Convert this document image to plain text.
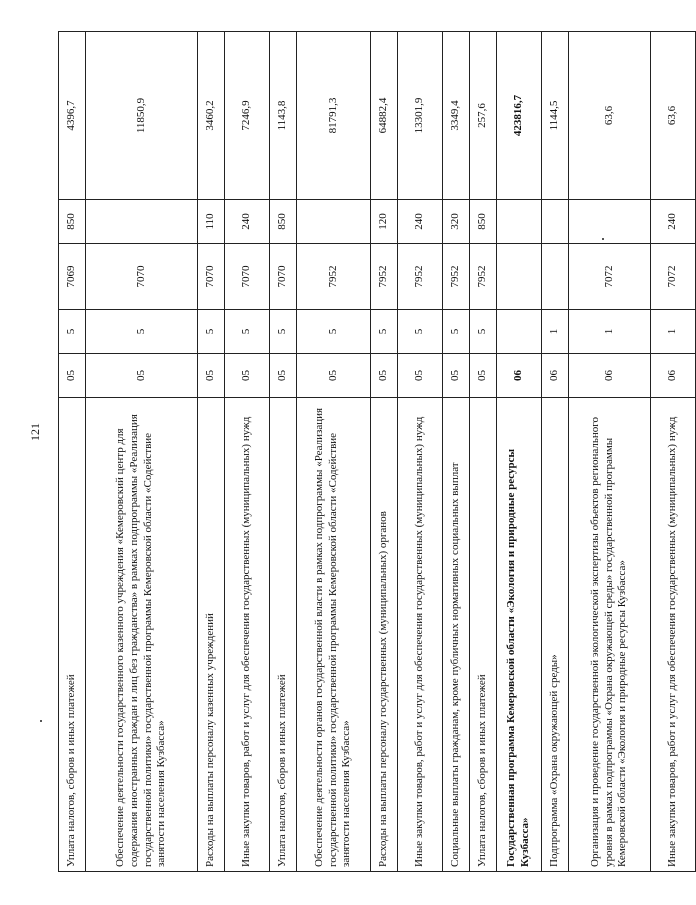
121
Уплата налогов, сборов и иных платежей	05	5	7069	850	4396,7
Обеспечение деятельности государственного казенного учреждения «Кемеровский центр для содержания иностранных граждан и лиц без гражданства» в рамках подпрограммы «Реализация государственной политики» государственной программы Кемеровской области «Содействие занятости населения Кузбасса»	05	5	7070		11850,9
Расходы на выплаты персоналу казенных учреждений	05	5	7070	110	3460,2
Иные закупки товаров, работ и услуг для обеспечения государственных (муниципальных) нужд	05	5	7070	240	7246,9
Уплата налогов, сборов и иных платежей	05	5	7070	850	1143,8
Обеспечение деятельности органов государственной власти в рамках подпрограммы «Реализация государственной политики» государственной программы Кемеровской области «Содействие занятости населения Кузбасса»	05	5	7952		81791,3
Расходы на выплаты персоналу государственных (муниципальных) органов	05	5	7952	120	64882,4
Иные закупки товаров, работ и услуг для обеспечения государственных (муниципальных) нужд	05	5	7952	240	13301,9
Социальные выплаты гражданам, кроме публичных нормативных социальных выплат	05	5	7952	320	3349,4
Уплата налогов, сборов и иных платежей	05	5	7952	850	257,6
Государственная программа Кемеровской области «Экология и природные ресурсы Кузбасса»	06				423816,7
Подпрограмма «Охрана окружающей среды»	06	1			1144,5
Организация и проведение государственной экологической экспертизы объектов регионального уровня в рамках подпрограммы «Охрана окружающей среды» государственной программы Кемеровской области «Экология и природные ресурсы Кузбасса»	06	1	7072		63,6
Иные закупки товаров, работ и услуг для обеспечения государственных (муниципальных) нужд	06	1	7072	240	63,6
